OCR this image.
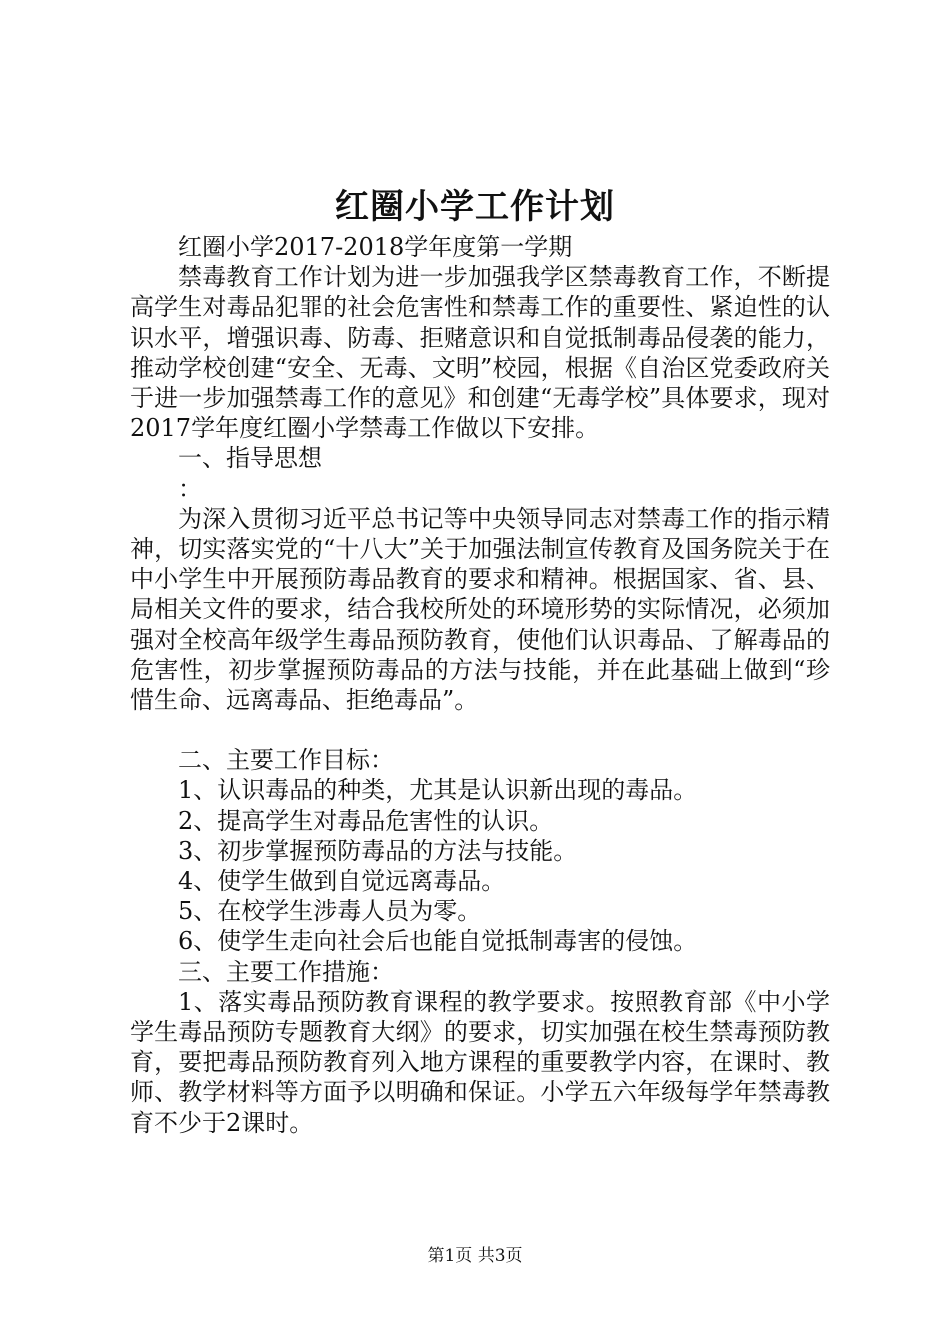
红圈小学工作计划

红圈小学2017-2018学年度第一学期

禁毒教育工作计划为进一步加强我学区禁毒教育工作，不断提高学生对毒品犯罪的社会危害性和禁毒工作的重要性、紧迫性的认识水平，增强识毒、防毒、拒赌意识和自觉抵制毒品侵袭的能力，推动学校创建“安全、无毒、文明”校园，根据《自治区党委政府关于进一步加强禁毒工作的意见》和创建“无毒学校”具体要求，现对2017学年度红圈小学禁毒工作做以下安排。

一、指导思想

：

为深入贯彻习近平总书记等中央领导同志对禁毒工作的指示精神，切实落实党的“十八大”关于加强法制宣传教育及国务院关于在中小学生中开展预防毒品教育的要求和精神。根据国家、省、县、局相关文件的要求，结合我校所处的环境形势的实际情况，必须加强对全校高年级学生毒品预防教育，使他们认识毒品、了解毒品的危害性，初步掌握预防毒品的方法与技能，并在此基础上做到“珍惜生命、远离毒品、拒绝毒品”。

二、主要工作目标：

1、认识毒品的种类，尤其是认识新出现的毒品。

2、提高学生对毒品危害性的认识。

3、初步掌握预防毒品的方法与技能。

4、使学生做到自觉远离毒品。

5、在校学生涉毒人员为零。

6、使学生走向社会后也能自觉抵制毒害的侵蚀。

三、主要工作措施：

1、落实毒品预防教育课程的教学要求。按照教育部《中小学学生毒品预防专题教育大纲》的要求，切实加强在校生禁毒预防教育，要把毒品预防教育列入地方课程的重要教学内容，在课时、教师、教学材料等方面予以明确和保证。小学五六年级每学年禁毒教育不少于2课时。

第1页 共3页
